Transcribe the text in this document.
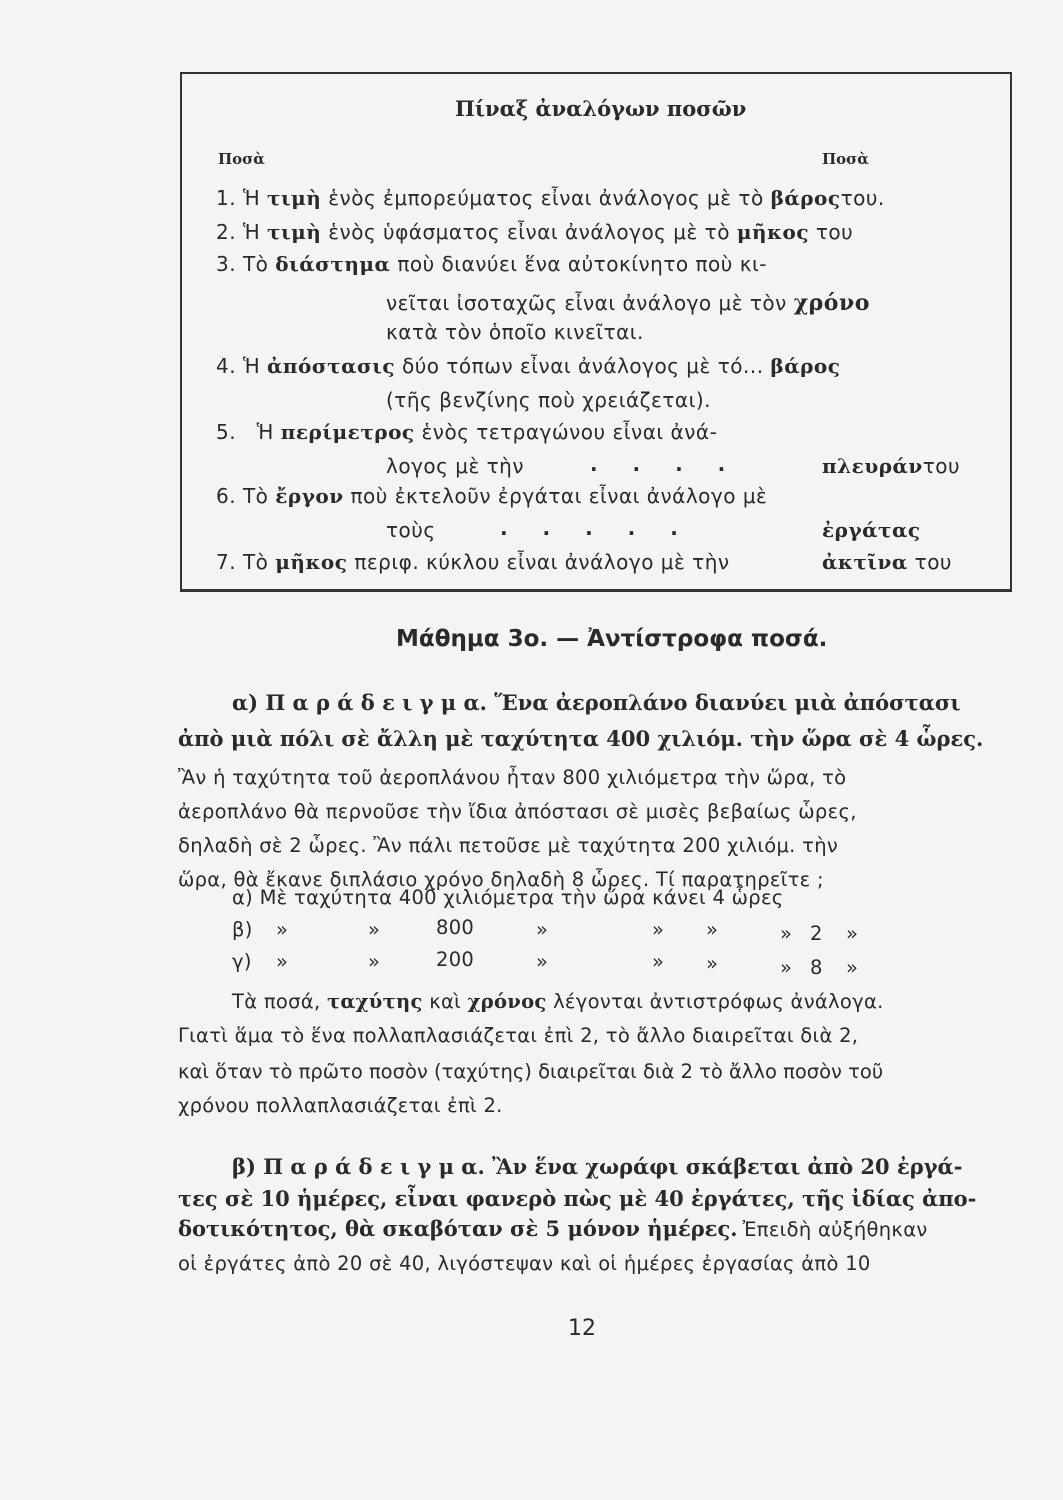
Πίναξ ἀναλόγων ποσῶν
Ποσὰ	Ποσὰ
1. Ἡ τιμὴ ἑνὸς ἐμπορεύματος εἶναι ἀνάλογος μὲ τὸ βάροςτου.
2. Ἡ τιμὴ ἑνὸς ὑφάσματος εἶναι ἀνάλογος μὲ τὸ μῆκος του
3. Τὸ διάστημα ποὺ διανύει ἕνα αὐτοκίνητο ποὺ κι-
νεῖται ἰσοταχῶς εἶναι ἀνάλογο μὲ τὸν χρόνο
κατὰ τὸν ὁποῖο κινεῖται.
4. Ἡ ἀπόστασις δύο τόπων εἶναι ἀνάλογος μὲ τό... βάρος
(τῆς βενζίνης ποὺ χρειάζεται).
5. Ἡ περίμετρος ἑνὸς τετραγώνου εἶναι ἀνά-
λογος μὲ τὴν	. . . .	πλευράντου
6. Τὸ ἔργον ποὺ ἐκτελοῦν ἐργάται εἶναι ἀνάλογο μὲ
τοὺς	. . . . .	ἐργάτας
7. Τὸ μῆκος περιφ. κύκλου εἶναι ἀνάλογο μὲ τὴν	ἀκτῖνα του
Μάθημα 3ο. — Ἀντίστροφα ποσά.
α) Π α ρ ά δ ε ι γ μ α. Ἕνα ἀεροπλάνο διανύει μιὰ ἀπόστασι
ἀπὸ μιὰ πόλι σὲ ἄλλη μὲ ταχύτητα 400 χιλιόμ. τὴν ὥρα σὲ 4 ὧρες.
Ἂν ἡ ταχύτητα τοῦ ἀεροπλάνου ἦταν 800 χιλιόμετρα τὴν ὥρα, τὸ
ἀεροπλάνο θὰ περνοῦσε τὴν ἴδια ἀπόστασι σὲ μισὲς βεβαίως ὧρες,
δηλαδὴ σὲ 2 ὧρες. Ἂν πάλι πετοῦσε μὲ ταχύτητα 200 χιλιόμ. τὴν
ὥρα, θὰ ἔκανε διπλάσιο χρόνο δηλαδὴ 8 ὧρες. Τί παρατηρεῖτε ;
α) Μὲ ταχύτητα 400 χιλιόμετρα τὴν ὥρα κάνει 4 ὧρες
β) »	»	800	»	» »	» 2 »
γ) »	»	200	»	» »	» 8 »
Τὰ ποσά, ταχύτης καὶ χρόνος λέγονται ἀντιστρόφως ἀνάλογα.
Γιατὶ ἅμα τὸ ἕνα πολλαπλασιάζεται ἐπὶ 2, τὸ ἄλλο διαιρεῖται διὰ 2,
καὶ ὅταν τὸ πρῶτο ποσὸν (ταχύτης) διαιρεῖται διὰ 2 τὸ ἄλλο ποσὸν τοῦ
χρόνου πολλαπλασιάζεται ἐπὶ 2.
β) Π α ρ ά δ ε ι γ μ α. Ἂν ἕνα χωράφι σκάβεται ἀπὸ 20 ἐργά-
τες σὲ 10 ἡμέρες, εἶναι φανερὸ πὼς μὲ 40 ἐργάτες, τῆς ἰδίας ἀπο-
δοτικότητος, θὰ σκαβόταν σὲ 5 μόνον ἡμέρες. Ἐπειδὴ αὐξήθηκαν
οἱ ἐργάτες ἀπὸ 20 σὲ 40, λιγόστεψαν καὶ οἱ ἡμέρες ἐργασίας ἀπὸ 10
12
